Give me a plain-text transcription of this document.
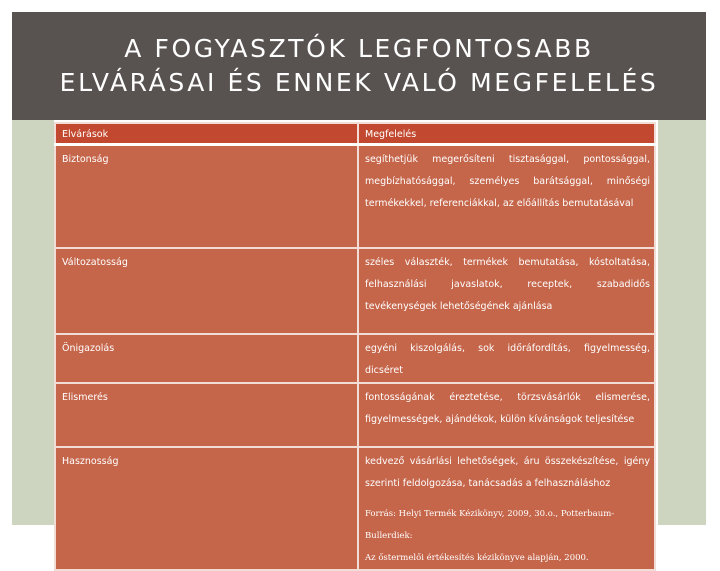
A FOGYASZTÓK LEGFONTOSABB
ELVÁRÁSAI ÉS ENNEK VALÓ MEGFELELÉS
Elvárások	Megfelelés
Biztonság	segíthetjük megerősíteni tisztasággal, pontossággal, megbízhatósággal, személyes barátsággal, minőségi termékekkel, referenciákkal, az előállítás bemutatásával
Változatosság	széles választék, termékek bemutatása, kóstoltatása, felhasználási javaslatok, receptek, szabadidős tevékenységek lehetőségének ajánlása
Önigazolás	egyéni kiszolgálás, sok időráfordítás, figyelmesség, dicséret
Elismerés	fontosságának éreztetése, törzsvásárlók elismerése, figyelmességek, ajándékok, külön kívánságok teljesítése
Hasznosság	kedvező vásárlási lehetőségek, áru összekészítése, igény szerinti feldolgozása, tanácsadás a felhasználáshoz
Forrás: Helyi Termék Kézikönyv, 2009, 30.o., Potterbaum- Bullerdiek:
Az őstermelői értékesítés kézikönyve alapján, 2000.
